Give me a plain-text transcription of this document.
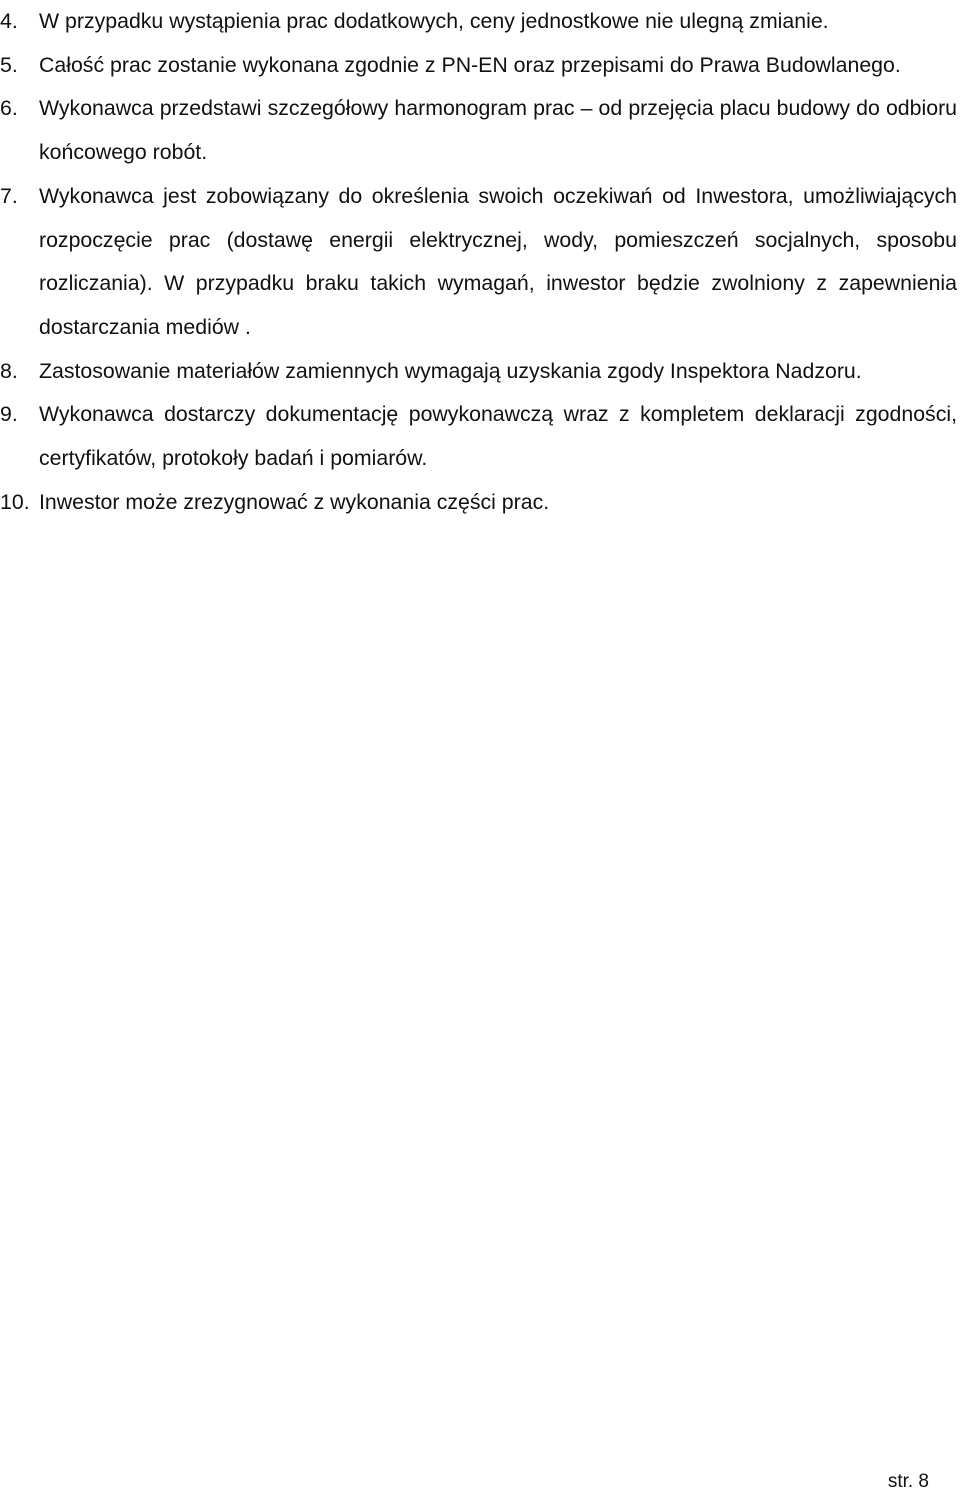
4. W przypadku wystąpienia prac dodatkowych, ceny jednostkowe nie ulegną zmianie.
5. Całość prac zostanie wykonana zgodnie z PN-EN oraz przepisami do Prawa Budowlanego.
6. Wykonawca przedstawi szczegółowy harmonogram prac – od przejęcia placu budowy do odbioru końcowego robót.
7. Wykonawca jest zobowiązany do określenia swoich oczekiwań od Inwestora, umożliwiających rozpoczęcie prac (dostawę energii elektrycznej, wody, pomieszczeń socjalnych, sposobu rozliczania). W przypadku braku takich wymagań, inwestor będzie zwolniony z zapewnienia dostarczania mediów .
8. Zastosowanie materiałów zamiennych wymagają uzyskania zgody Inspektora Nadzoru.
9. Wykonawca dostarczy dokumentację powykonawczą wraz z kompletem deklaracji zgodności, certyfikatów, protokoły badań i pomiarów.
10. Inwestor może zrezygnować z wykonania części prac.
str. 8
